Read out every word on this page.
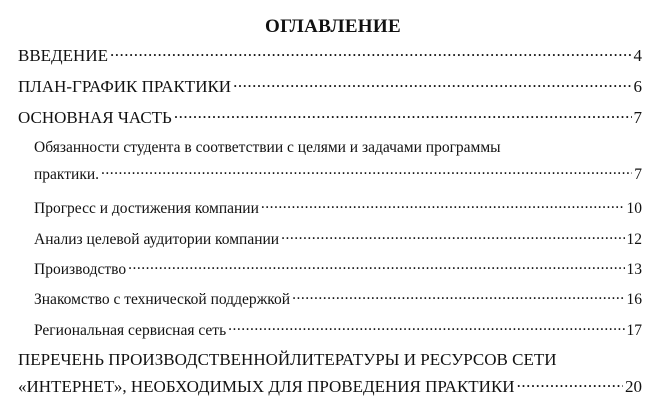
ОГЛАВЛЕНИЕ
ВВЕДЕНИЕ .....	4
ПЛАН-ГРАФИК ПРАКТИКИ .....	6
ОСНОВНАЯ ЧАСТЬ .....	7
Обязанности студента в соответствии с целями и задачами программы
практики. .....	7
Прогресс и достижения компании .....	10
Анализ целевой аудитории компании .....	12
Производство .....	13
Знакомство с технической поддержкой .....	16
Региональная сервисная сеть .....	17
ПЕРЕЧЕНЬ ПРОИЗВОДСТВЕННОЙЛИТЕРАТУРЫ И РЕСУРСОВ СЕТИ
«ИНТЕРНЕТ», НЕОБХОДИМЫХ ДЛЯ ПРОВЕДЕНИЯ ПРАКТИКИ .....	20
